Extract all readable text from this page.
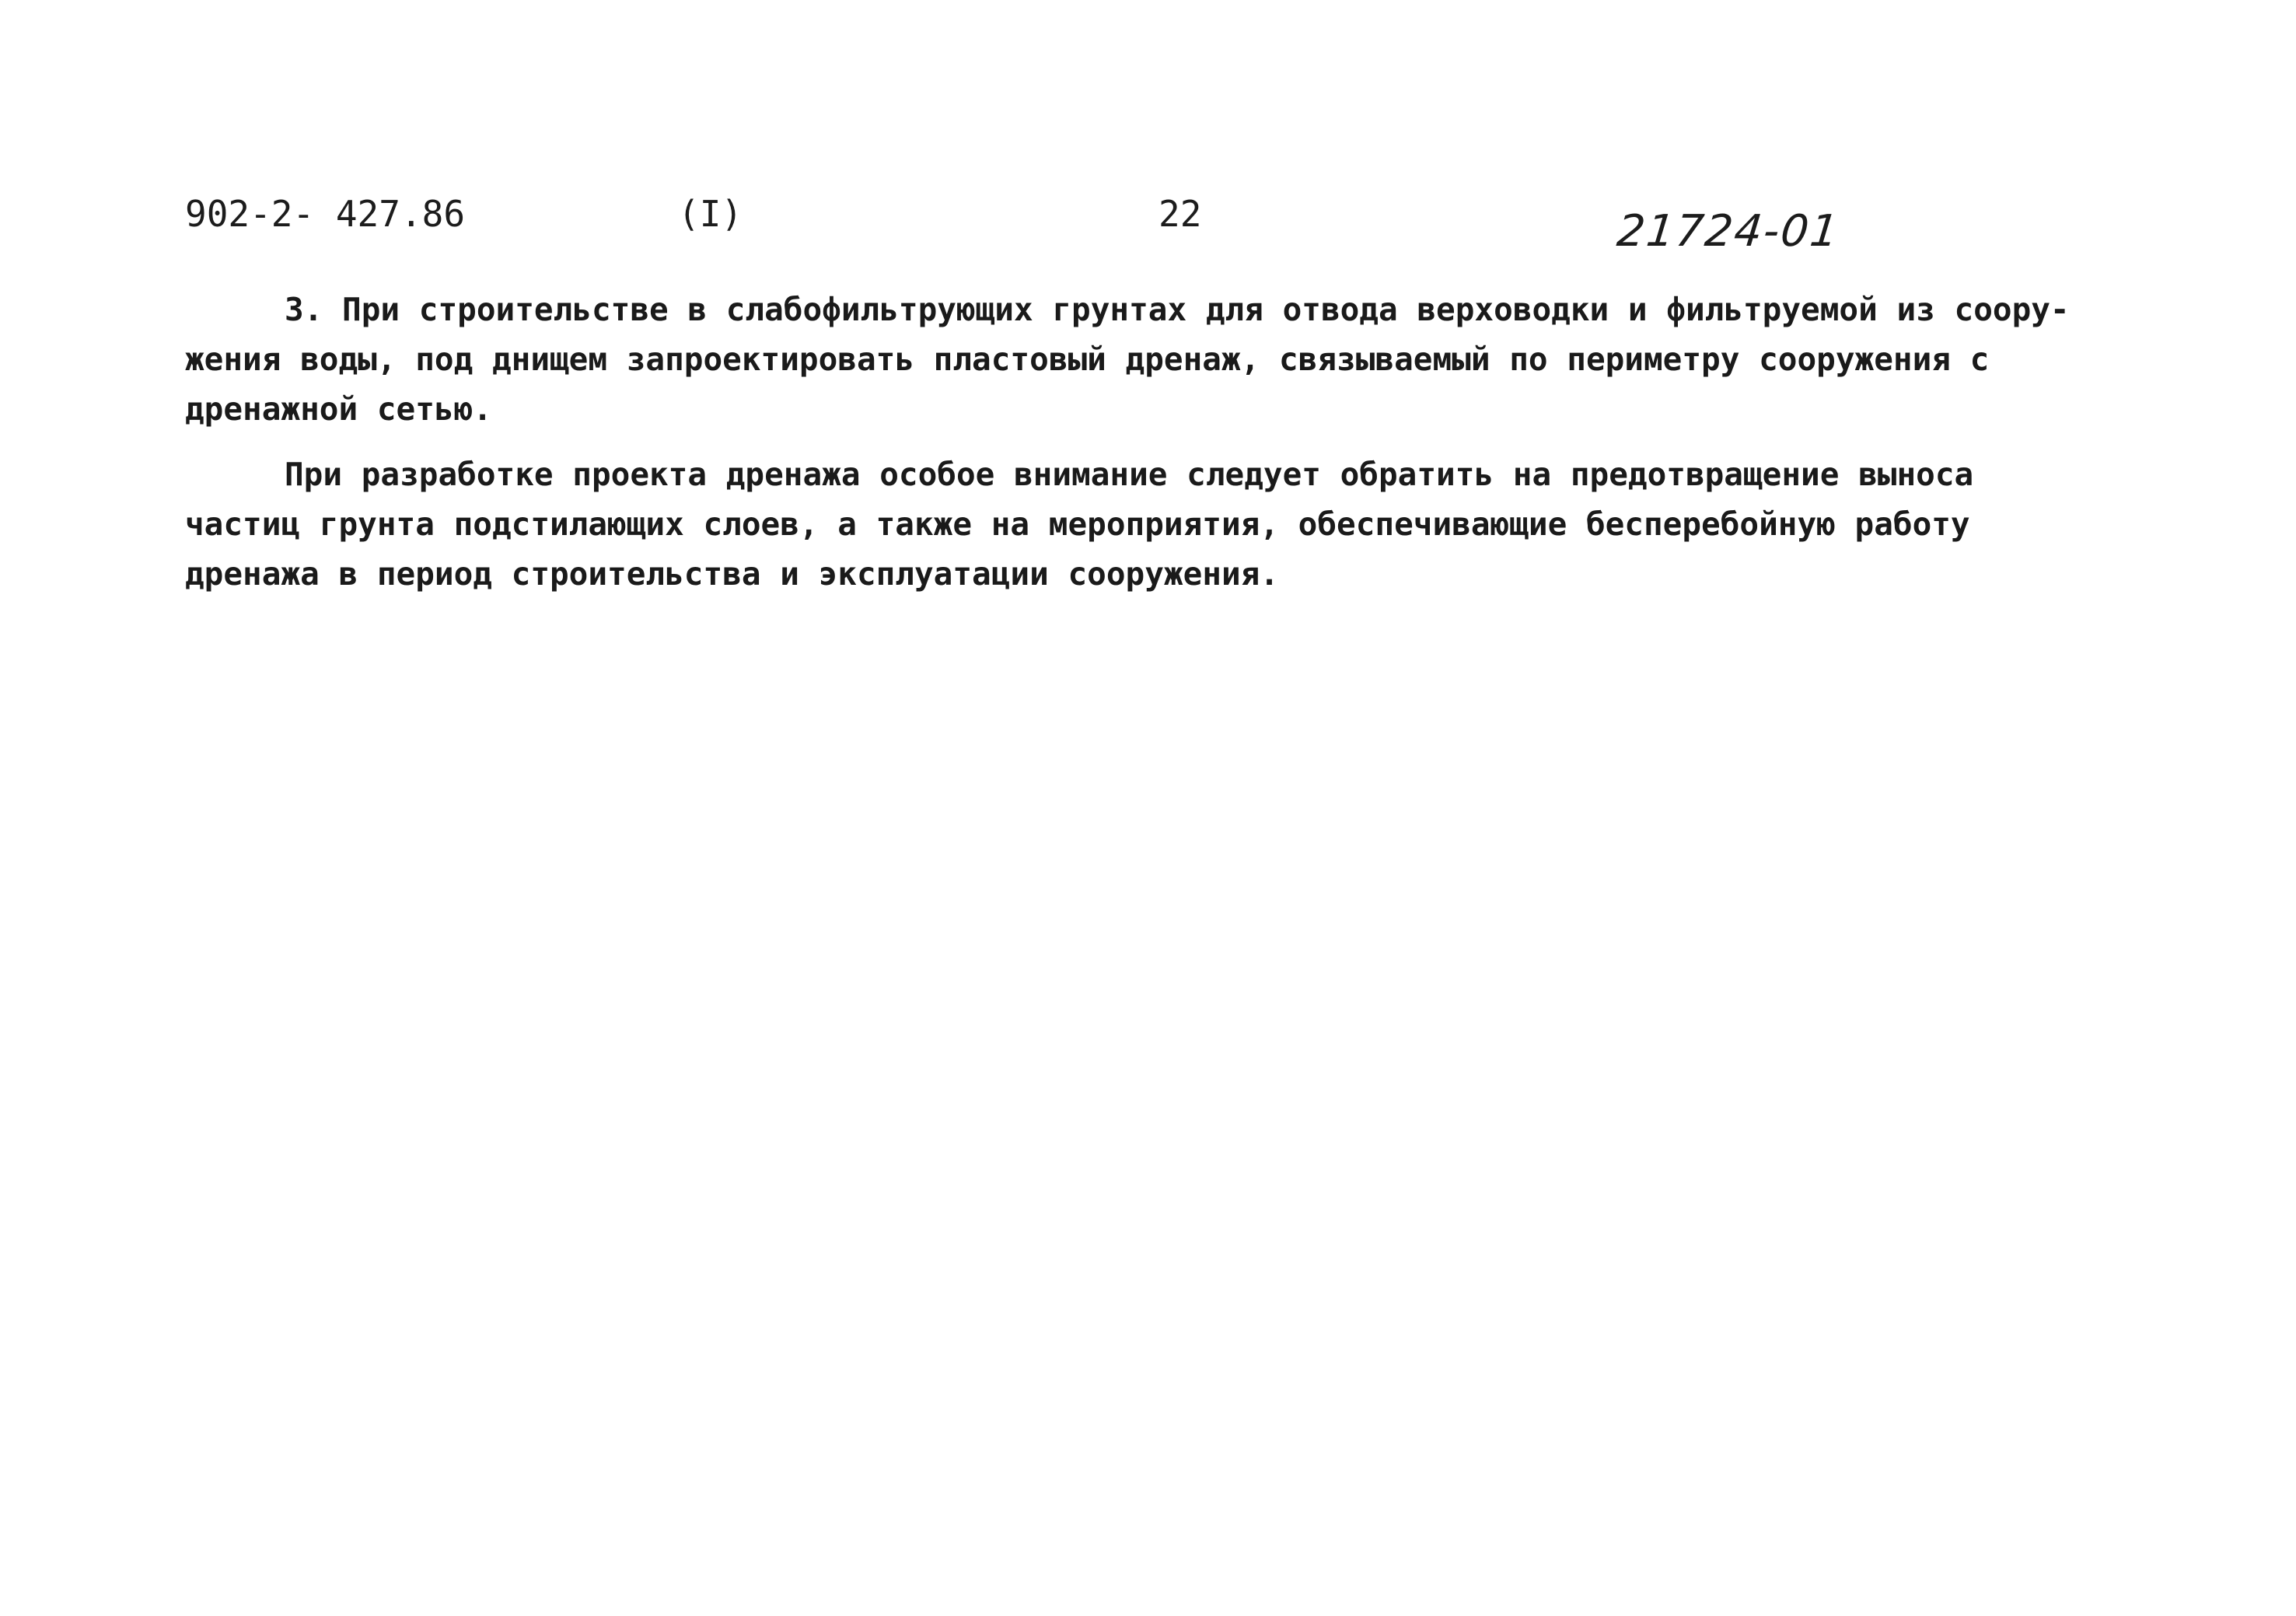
902-2- 427.86	(I)	22	21724-01
3. При строительстве в слабофильтрующих грунтах для отвода верховодки и фильтруемой из соору-
жения воды, под днищем запроектировать пластовый дренаж, связываемый по периметру сооружения с
дренажной сетью.
При разработке проекта дренажа особое внимание следует обратить на предотвращение выноса
частиц грунта подстилающих слоев, а также на мероприятия, обеспечивающие бесперебойную работу
дренажа в период строительства и эксплуатации сооружения.
